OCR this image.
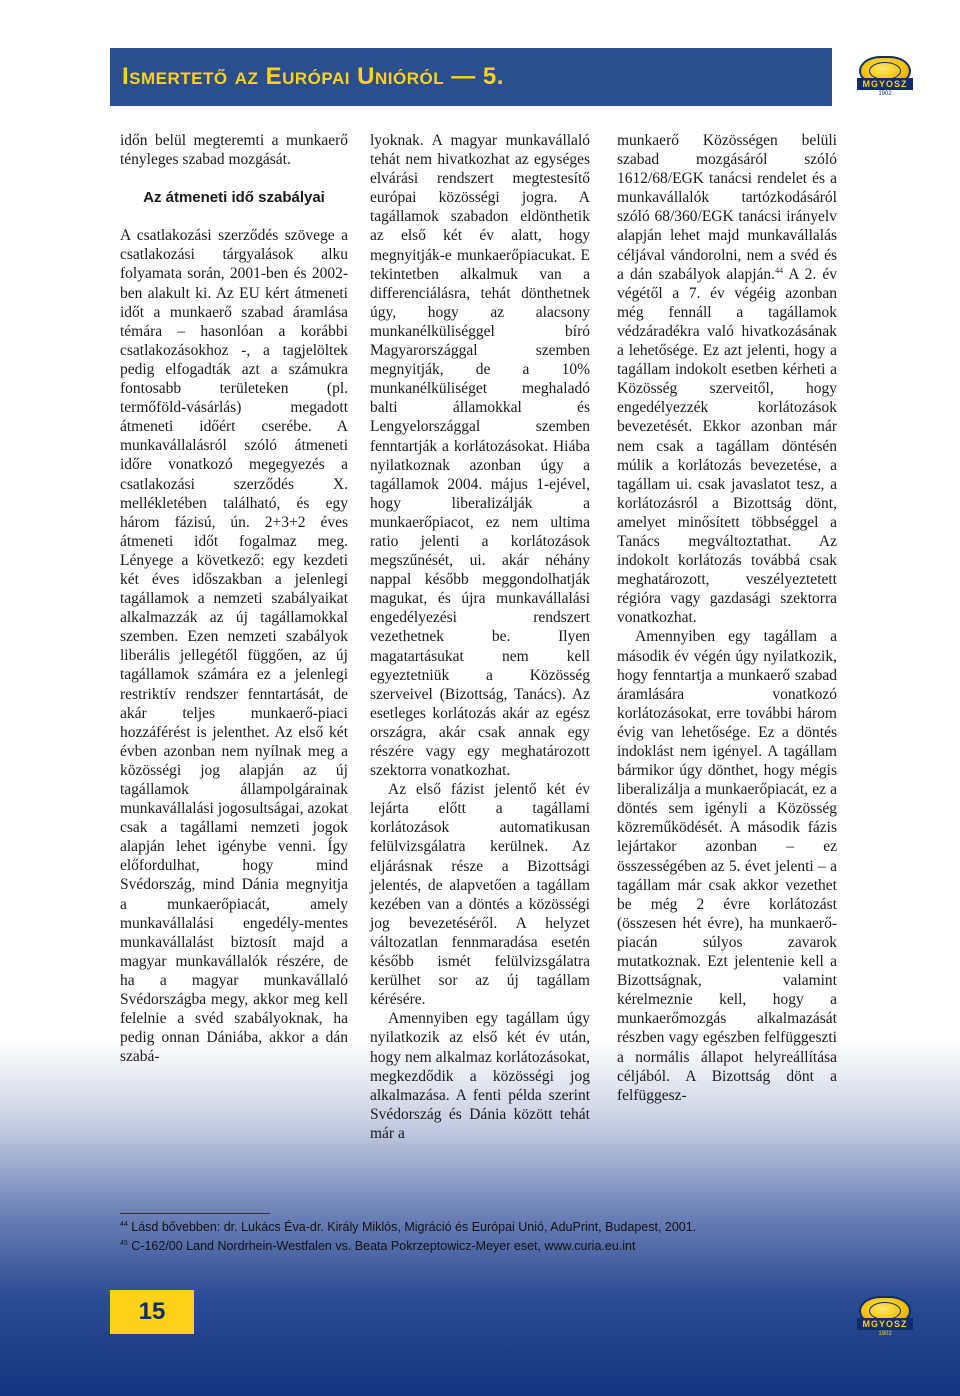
Ismertető az Európai Unióról — 5.	MGYOSZ
1902

időn belül megteremti a munkaerő tényleges szabad mozgását.

Az átmeneti idő szabályai

A csatlakozási szerződés szövege a csatlakozási tárgyalások alku folyamata során, 2001-ben és 2002-ben alakult ki. Az EU kért átmeneti időt a munkaerő szabad áramlása témára – hasonlóan a korábbi csatlakozásokhoz -, a tagjelöltek pedig elfogadták azt a számukra fontosabb területeken (pl. termőföld-vásárlás) megadott átmeneti időért cserébe. A munkavállalásról szóló átmeneti időre vonatkozó megegyezés a csatlakozási szerződés X. mellékletében található, és egy három fázisú, ún. 2+3+2 éves átmeneti időt fogalmaz meg. Lényege a következő: egy kezdeti két éves időszakban a jelenlegi tagállamok a nemzeti szabályaikat alkalmazzák az új tagállamokkal szemben. Ezen nemzeti szabályok liberális jellegétől függően, az új tagállamok számára ez a jelenlegi restriktív rendszer fenntartását, de akár teljes munkaerő-piaci hozzáférést is jelenthet. Az első két évben azonban nem nyílnak meg a közösségi jog alapján az új tagállamok állampolgárainak munkavállalási jogosultságai, azokat csak a tagállami nemzeti jogok alapján lehet igénybe venni. Így előfordulhat, hogy mind Svédország, mind Dánia megnyitja a munkaerőpiacát, amely munkavállalási engedély-mentes munkavállalást biztosít majd a magyar munkavállalók részére, de ha a magyar munkavállaló Svédországba megy, akkor meg kell felelnie a svéd szabályoknak, ha pedig onnan Dániába, akkor a dán szabá-

lyoknak. A magyar munkavállaló tehát nem hivatkozhat az egységes elvárási rendszert megtestesítő európai közösségi jogra. A tagállamok szabadon eldönthetik az első két év alatt, hogy megnyitják-e munkaerőpiacukat. E tekintetben alkalmuk van a differenciálásra, tehát dönthetnek úgy, hogy az alacsony munkanélküliséggel bíró Magyarországgal szemben megnyitják, de a 10% munkanélküliséget meghaladó balti államokkal és Lengyelországgal szemben fenntartják a korlátozásokat. Hiába nyilatkoznak azonban úgy a tagállamok 2004. május 1-ejével, hogy liberalizálják a munkaerőpiacot, ez nem ultima ratio jelenti a korlátozások megszűnését, ui. akár néhány nappal később meggondolhatják magukat, és újra munkavállalási engedélyezési rendszert vezethetnek be. Ilyen magatartásukat nem kell egyeztetniük a Közösség szerveivel (Bizottság, Tanács). Az esetleges korlátozás akár az egész országra, akár csak annak egy részére vagy egy meghatározott szektorra vonatkozhat.

Az első fázist jelentő két év lejárta előtt a tagállami korlátozások automatikusan felülvizsgálatra kerülnek. Az eljárásnak része a Bizottsági jelentés, de alapvetően a tagállam kezében van a döntés a közösségi jog bevezetéséről. A helyzet változatlan fennmaradása esetén később ismét felülvizsgálatra kerülhet sor az új tagállam kérésére.

Amennyiben egy tagállam úgy nyilatkozik az első két év után, hogy nem alkalmaz korlátozásokat, megkezdődik a közösségi jog alkalmazása. A fenti példa szerint Svédország és Dánia között tehát már a

munkaerő Közösségen belüli szabad mozgásáról szóló 1612/68/EGK tanácsi rendelet és a munkavállalók tartózkodásáról szóló 68/360/EGK tanácsi irányelv alapján lehet majd munkavállalás céljával vándorolni, nem a svéd és a dán szabályok alapján.$^{44}$ A 2. év végétől a 7. év végéig azonban még fennáll a tagállamok védzáradékra való hivatkozásának a lehetősége. Ez azt jelenti, hogy a tagállam indokolt esetben kérheti a Közösség szerveitől, hogy engedélyezzék korlátozások bevezetését. Ekkor azonban már nem csak a tagállam döntésén múlik a korlátozás bevezetése, a tagállam ui. csak javaslatot tesz, a korlátozásról a Bizottság dönt, amelyet minősített többséggel a Tanács megváltoztathat. Az indokolt korlátozás továbbá csak meghatározott, veszélyeztetett régióra vagy gazdasági szektorra vonatkozhat.

Amennyiben egy tagállam a második év végén úgy nyilatkozik, hogy fenntartja a munkaerő szabad áramlására vonatkozó korlátozásokat, erre további három évig van lehetősége. Ez a döntés indoklást nem igényel. A tagállam bármikor úgy dönthet, hogy mégis liberalizálja a munkaerőpiacát, ez a döntés sem igényli a Közösség közreműködését. A második fázis lejártakor azonban – ez összességében az 5. évet jelenti – a tagállam már csak akkor vezethet be még 2 évre korlátozást (összesen hét évre), ha munkaerő-piacán súlyos zavarok mutatkoznak. Ezt jelentenie kell a Bizottságnak, valamint kérelmeznie kell, hogy a munkaerőmozgás alkalmazását részben vagy egészben felfüggeszti a normális állapot helyreállítása céljából. A Bizottság dönt a felfüggesz-

$^{44}$ Lásd bővebben: dr. Lukács Éva-dr. Király Miklós, Migráció és Európai Unió, AduPrint, Budapest, 2001.
$^{45}$ C-162/00 Land Nordrhein-Westfalen vs. Beata Pokrzeptowicz-Meyer eset, www.curia.eu.int
15	MGYOSZ
1902
